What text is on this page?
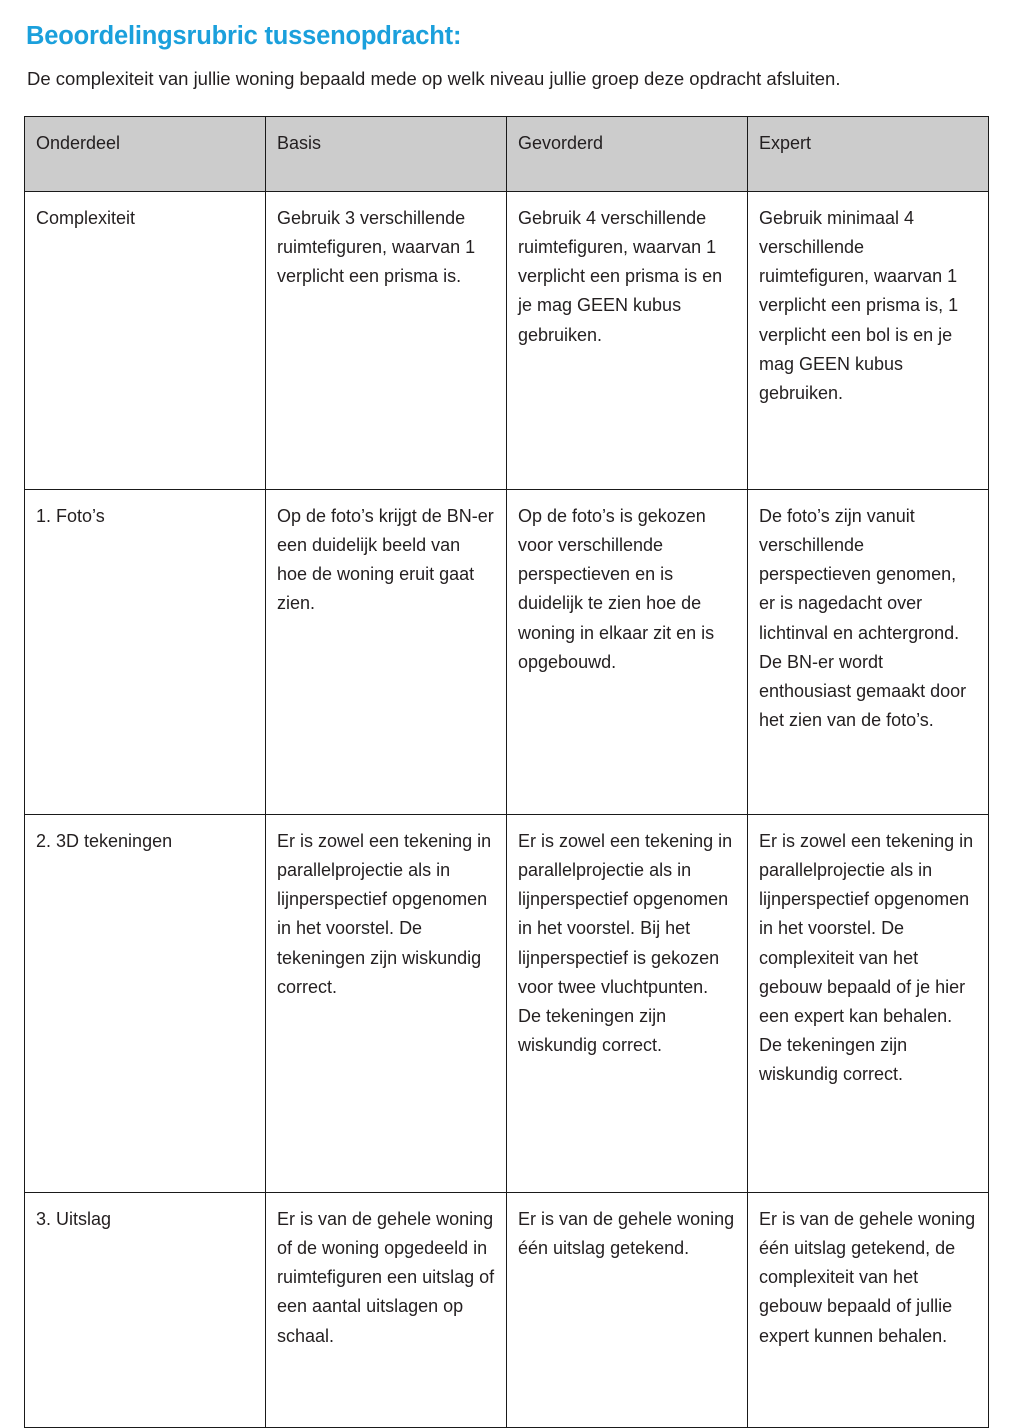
Beoordelingsrubric tussenopdracht:
De complexiteit van jullie woning bepaald mede op welk niveau jullie groep deze opdracht afsluiten.
Onderdeel	Basis	Gevorderd	Expert

Complexiteit	Gebruik 3 verschillende ruimtefiguren, waarvan 1 verplicht een prisma is.	Gebruik 4 verschillende ruimtefiguren, waarvan 1 verplicht een prisma is en je mag GEEN kubus gebruiken.	Gebruik minimaal 4 verschillende ruimtefiguren, waarvan 1 verplicht een prisma is, 1 verplicht een bol is en je mag GEEN kubus gebruiken.

1. Foto’s	Op de foto’s krijgt de BN-er een duidelijk beeld van hoe de woning eruit gaat zien.	Op de foto’s is gekozen voor verschillende perspectieven en is duidelijk te zien hoe de woning in elkaar zit en is opgebouwd.	De foto’s zijn vanuit verschillende perspectieven genomen, er is nagedacht over lichtinval en achtergrond. De BN-er wordt enthousiast gemaakt door het zien van de foto’s.

2. 3D tekeningen	Er is zowel een tekening in parallelprojectie als in lijnperspectief opgenomen in het voorstel. De tekeningen zijn wiskundig correct.	Er is zowel een tekening in parallelprojectie als in lijnperspectief opgenomen in het voorstel. Bij het lijnperspectief is gekozen voor twee vluchtpunten. De tekeningen zijn wiskundig correct.	Er is zowel een tekening in parallelprojectie als in lijnperspectief opgenomen in het voorstel. De complexiteit van het gebouw bepaald of je hier een expert kan behalen. De tekeningen zijn wiskundig correct.

3. Uitslag	Er is van de gehele woning of de woning opgedeeld in ruimtefiguren een uitslag of een aantal uitslagen op schaal.	Er is van de gehele woning één uitslag getekend.	Er is van de gehele woning één uitslag getekend, de complexiteit van het gebouw bepaald of jullie expert kunnen behalen.
